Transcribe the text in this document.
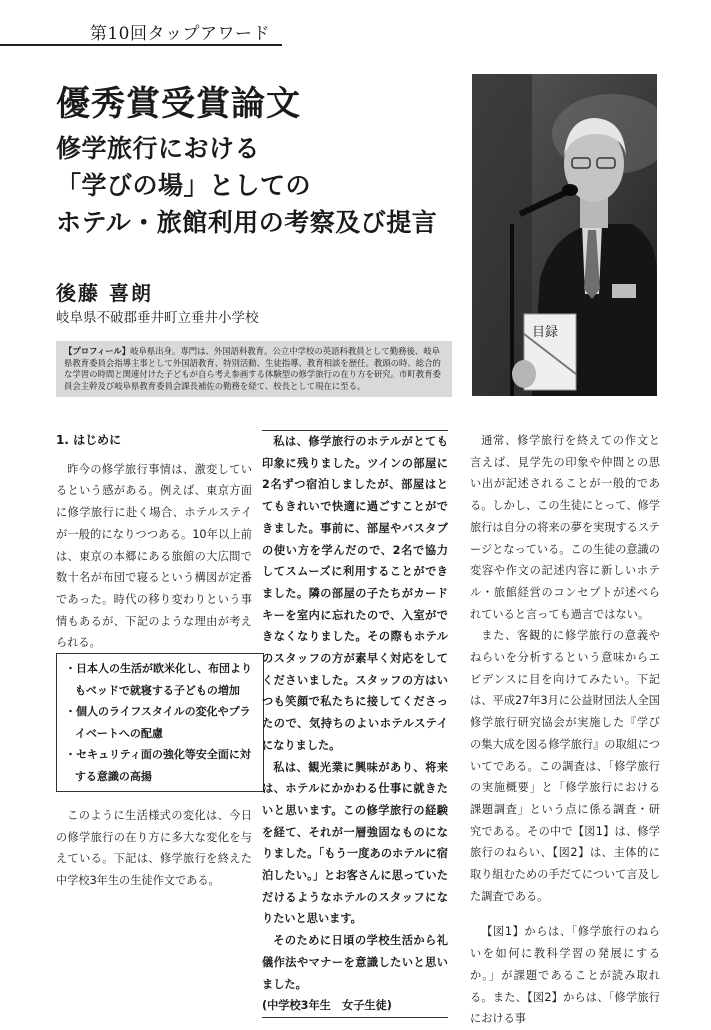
第10回タップアワード
優秀賞受賞論文
修学旅行における
「学びの場」としての
ホテル・旅館利用の考察及び提言
後藤 喜朗
岐阜県不破郡垂井町立垂井小学校
【プロフィール】岐阜県出身。専門は、外国語科教育。公立中学校の英語科教員として勤務後、岐阜県教育委員会指導主事として外国語教育、特別活動、生徒指導、教育相談を歴任。教頭の時、総合的な学習の時間と関連付けた子どもが自ら考え参画する体験型の修学旅行の在り方を研究。市町教育委員会主幹及び岐阜県教育委員会課長補佐の勤務を経て、校長として現在に至る。
目録

1. はじめに

昨今の修学旅行事情は、激変しているという感がある。例えば、東京方面に修学旅行に赴く場合、ホテルステイが一般的になりつつある。10年以上前は、東京の本郷にある旅館の大広間で数十名が布団で寝るという構図が定番であった。時代の移り変わりという事情もあるが、下記のような理由が考えられる。

・日本人の生活が欧米化し、布団よりもベッドで就寝する子どもの増加
・個人のライフスタイルの変化やプライベートへの配慮
・セキュリティ面の強化等安全面に対する意識の高揚

このように生活様式の変化は、今日の修学旅行の在り方に多大な変化を与えている。下記は、修学旅行を終えた中学校3年生の生徒作文である。

私は、修学旅行のホテルがとても印象に残りました。ツインの部屋に2名ずつ宿泊しましたが、部屋はとてもきれいで快適に過ごすことができました。事前に、部屋やバスタブの使い方を学んだので、2名で協力してスムーズに利用することができました。隣の部屋の子たちがカードキーを室内に忘れたので、入室ができなくなりました。その際もホテルのスタッフの方が素早く対応をしてくださいました。スタッフの方はいつも笑顔で私たちに接してくださったので、気持ちのよいホテルステイになりました。

私は、観光業に興味があり、将来は、ホテルにかかわる仕事に就きたいと思います。この修学旅行の経験を経て、それが一層強固なものになりました。「もう一度あのホテルに宿泊したい。」とお客さんに思っていただけるようなホテルのスタッフになりたいと思います。

そのために日頃の学校生活から礼儀作法やマナーを意識したいと思いました。

(中学校3年生　女子生徒)

通常、修学旅行を終えての作文と言えば、見学先の印象や仲間との思い出が記述されることが一般的である。しかし、この生徒にとって、修学旅行は自分の将来の夢を実現するステージとなっている。この生徒の意識の変容や作文の記述内容に新しいホテル・旅館経営のコンセプトが述べられていると言っても過言ではない。

また、客観的に修学旅行の意義やねらいを分析するという意味からエビデンスに目を向けてみたい。下記は、平成27年3月に公益財団法人全国修学旅行研究協会が実施した『学びの集大成を図る修学旅行』の取組についてである。この調査は、「修学旅行の実施概要」と「修学旅行における課題調査」という点に係る調査・研究である。その中で【図1】は、修学旅行のねらい、【図2】は、主体的に取り組むための手だてについて言及した調査である。

【図1】からは、「修学旅行のねらいを如何に教科学習の発展にするか。」が課題であることが読み取れる。また、【図2】からは、「修学旅行における事
